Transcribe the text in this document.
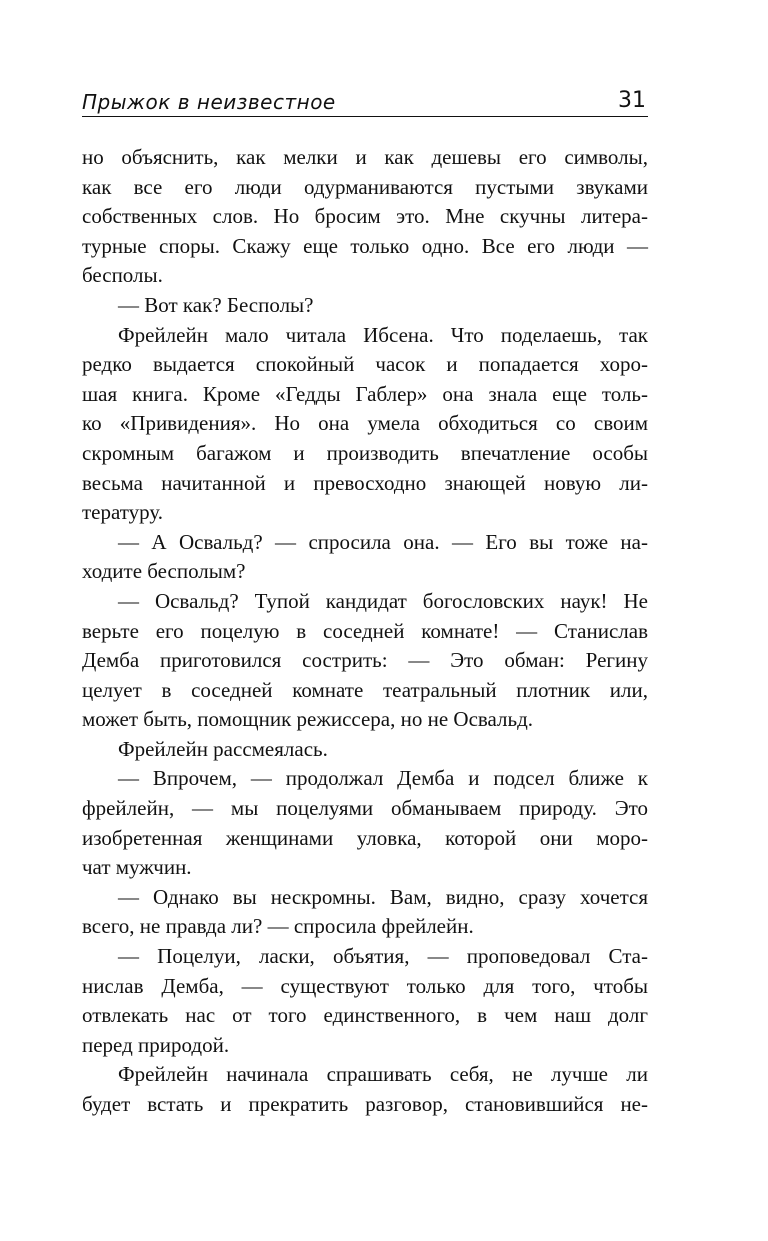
Прыжок в неизвестное	31
но объяснить, как мелки и как дешевы его символы,
как все его люди одурманиваются пустыми звуками
собственных слов. Но бросим это. Мне скучны литера-
турные споры. Скажу еще только одно. Все его люди —
бесполы.
— Вот как? Бесполы?
Фрейлейн мало читала Ибсена. Что поделаешь, так
редко выдается спокойный часок и попадается хоро-
шая книга. Кроме «Гедды Габлер» она знала еще толь-
ко «Привидения». Но она умела обходиться со своим
скромным багажом и производить впечатление особы
весьма начитанной и превосходно знающей новую ли-
тературу.
— А Освальд? — спросила она. — Его вы тоже на-
ходите бесполым?
— Освальд? Тупой кандидат богословских наук! Не
верьте его поцелую в соседней комнате! — Станислав
Демба приготовился сострить: — Это обман: Регину
целует в соседней комнате театральный плотник или,
может быть, помощник режиссера, но не Освальд.
Фрейлейн рассмеялась.
— Впрочем, — продолжал Демба и подсел ближе к
фрейлейн, — мы поцелуями обманываем природу. Это
изобретенная женщинами уловка, которой они моро-
чат мужчин.
— Однако вы нескромны. Вам, видно, сразу хочется
всего, не правда ли? — спросила фрейлейн.
— Поцелуи, ласки, объятия, — проповедовал Ста-
нислав Демба, — существуют только для того, чтобы
отвлекать нас от того единственного, в чем наш долг
перед природой.
Фрейлейн начинала спрашивать себя, не лучше ли
будет встать и прекратить разговор, становившийся не-
